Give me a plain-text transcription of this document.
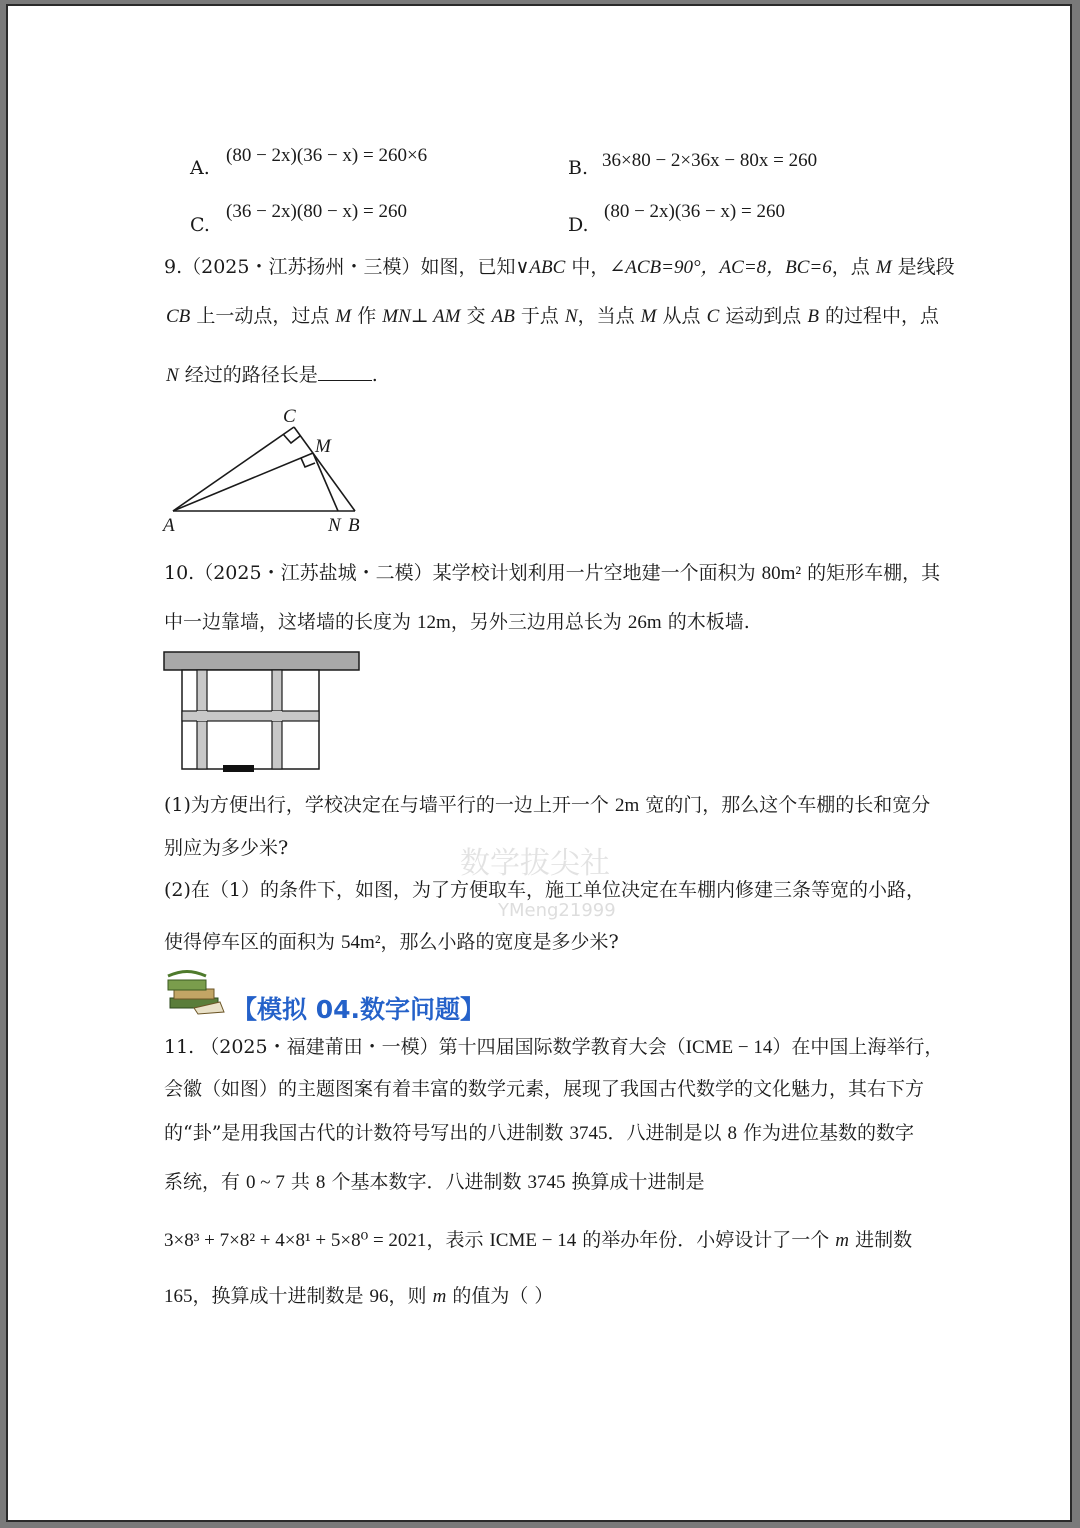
A.
(80 − 2x)(36 − x) = 260×6
B. 36×80 − 2×36x − 80x = 260
C.
(36 − 2x)(80 − x) = 260
D.
(80 − 2x)(36 − x) = 260
9.（2025・江苏扬州・三模）如图，已知∨ABC 中，∠ACB=90°，AC=8，BC=6，点 M 是线段
CB 上一动点，过点 M 作 MN⊥ AM 交 AB 于点 N，当点 M 从点 C 运动到点 B 的过程中，点
N 经过的路径长是	.
C
M
A	N B
10.（2025・江苏盐城・二模）某学校计划利用一片空地建一个面积为 80m² 的矩形车棚，其
中一边靠墙，这堵墙的长度为 12m，另外三边用总长为 26m 的木板墙.
(1)为方便出行，学校决定在与墙平行的一边上开一个 2m 宽的门，那么这个车棚的长和宽分
别应为多少米?
(2)在（1）的条件下，如图，为了方便取车，施工单位决定在车棚内修建三条等宽的小路，
使得停车区的面积为 54m²，那么小路的宽度是多少米?
数学拔尖社
YMeng21999
【模拟 04.数字问题】
11. （2025・福建莆田・一模）第十四届国际数学教育大会（ICME − 14）在中国上海举行，
会徽（如图）的主题图案有着丰富的数学元素，展现了我国古代数学的文化魅力，其右下方
的“卦”是用我国古代的计数符号写出的八进制数 3745．八进制是以 8 作为进位基数的数字
系统，有 0 ~ 7 共 8 个基本数字．八进制数 3745 换算成十进制是
3×8³ + 7×8² + 4×8¹ + 5×8⁰ = 2021，表示 ICME − 14 的举办年份．小婷设计了一个 m 进制数
165，换算成十进制数是 96，则 m 的值为（ ）
